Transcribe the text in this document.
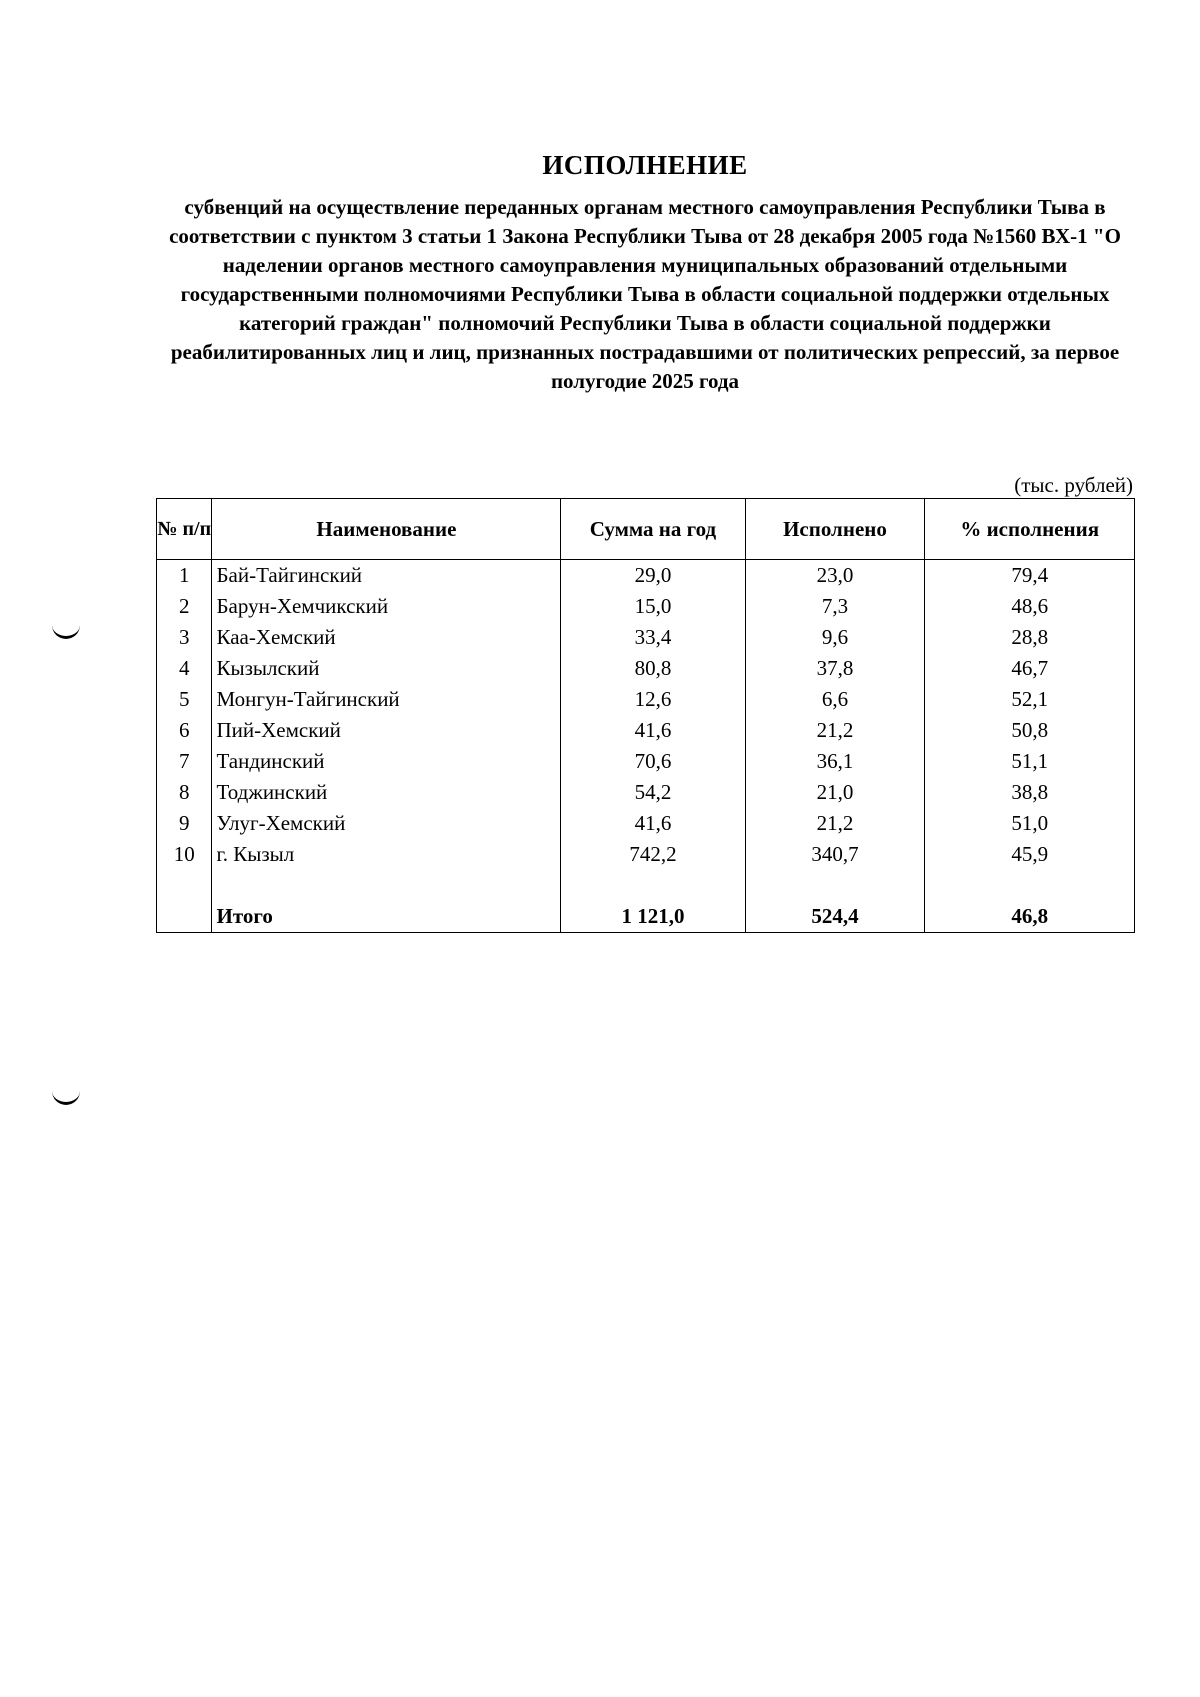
ИСПОЛНЕНИЕ

субвенций на осуществление переданных органам местного самоуправления Республики Тыва в соответствии с пунктом 3 статьи 1 Закона Республики Тыва от 28 декабря 2005 года №1560 ВХ-1 "О наделении органов местного самоуправления муниципальных образований отдельными государственными полномочиями Республики Тыва в области социальной поддержки отдельных категорий граждан" полномочий Республики Тыва в области социальной поддержки реабилитированных лиц и лиц, признанных пострадавшими от политических репрессий, за первое полугодие 2025 года

(тыс. рублей)
№ п/п	Наименование	Сумма на год	Исполнено	% исполнения
1	Бай-Тайгинский	29,0	23,0	79,4
2	Барун-Хемчикский	15,0	7,3	48,6
3	Каа-Хемский	33,4	9,6	28,8
4	Кызылский	80,8	37,8	46,7
5	Монгун-Тайгинский	12,6	6,6	52,1
6	Пий-Хемский	41,6	21,2	50,8
7	Тандинский	70,6	36,1	51,1
8	Тоджинский	54,2	21,0	38,8
9	Улуг-Хемский	41,6	21,2	51,0
10	г. Кызыл	742,2	340,7	45,9

	Итого	1 121,0	524,4	46,8
